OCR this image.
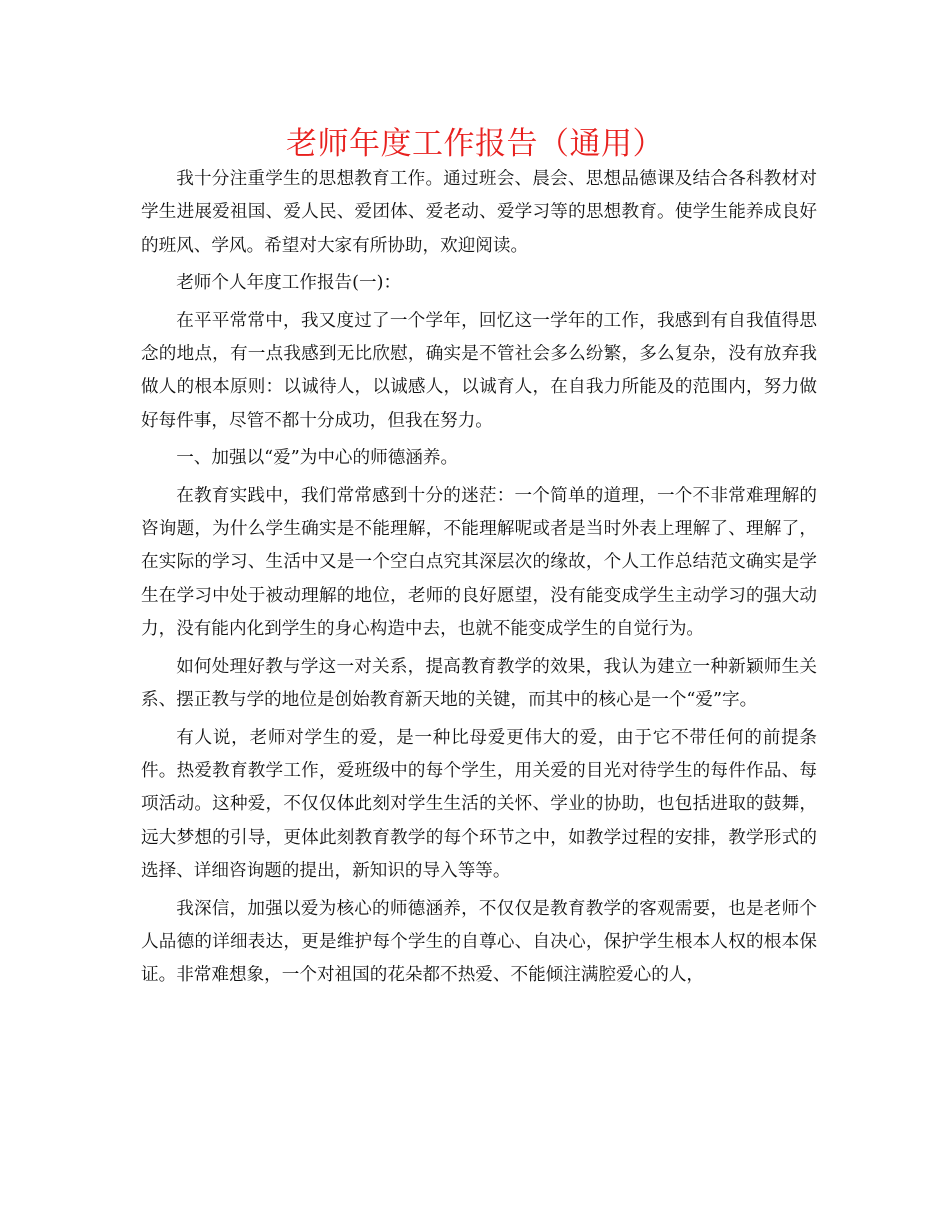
老师年度工作报告（通用）

我十分注重学生的思想教育工作。通过班会、晨会、思想品德课及结合各科教材对学生进展爱祖国、爱人民、爱团体、爱老动、爱学习等的思想教育。使学生能养成良好的班风、学风。希望对大家有所协助，欢迎阅读。

老师个人年度工作报告(一)：

在平平常常中，我又度过了一个学年，回忆这一学年的工作，我感到有自我值得思念的地点，有一点我感到无比欣慰，确实是不管社会多么纷繁，多么复杂，没有放弃我做人的根本原则：以诚待人，以诚感人，以诚育人，在自我力所能及的范围内，努力做好每件事，尽管不都十分成功，但我在努力。

一、加强以“爱”为中心的师德涵养。

在教育实践中，我们常常感到十分的迷茫：一个简单的道理，一个不非常难理解的咨询题，为什么学生确实是不能理解，不能理解呢或者是当时外表上理解了、理解了，在实际的学习、生活中又是一个空白点究其深层次的缘故，个人工作总结范文确实是学生在学习中处于被动理解的地位，老师的良好愿望，没有能变成学生主动学习的强大动力，没有能内化到学生的身心构造中去，也就不能变成学生的自觉行为。

如何处理好教与学这一对关系，提高教育教学的效果，我认为建立一种新颖师生关系、摆正教与学的地位是创始教育新天地的关键，而其中的核心是一个“爱”字。

有人说，老师对学生的爱，是一种比母爱更伟大的爱，由于它不带任何的前提条件。热爱教育教学工作，爱班级中的每个学生，用关爱的目光对待学生的每件作品、每项活动。这种爱，不仅仅体此刻对学生生活的关怀、学业的协助，也包括进取的鼓舞，远大梦想的引导，更体此刻教育教学的每个环节之中，如教学过程的安排，教学形式的选择、详细咨询题的提出，新知识的导入等等。

我深信，加强以爱为核心的师德涵养，不仅仅是教育教学的客观需要，也是老师个人品德的详细表达，更是维护每个学生的自尊心、自决心，保护学生根本人权的根本保证。非常难想象，一个对祖国的花朵都不热爱、不能倾注满腔爱心的人，
